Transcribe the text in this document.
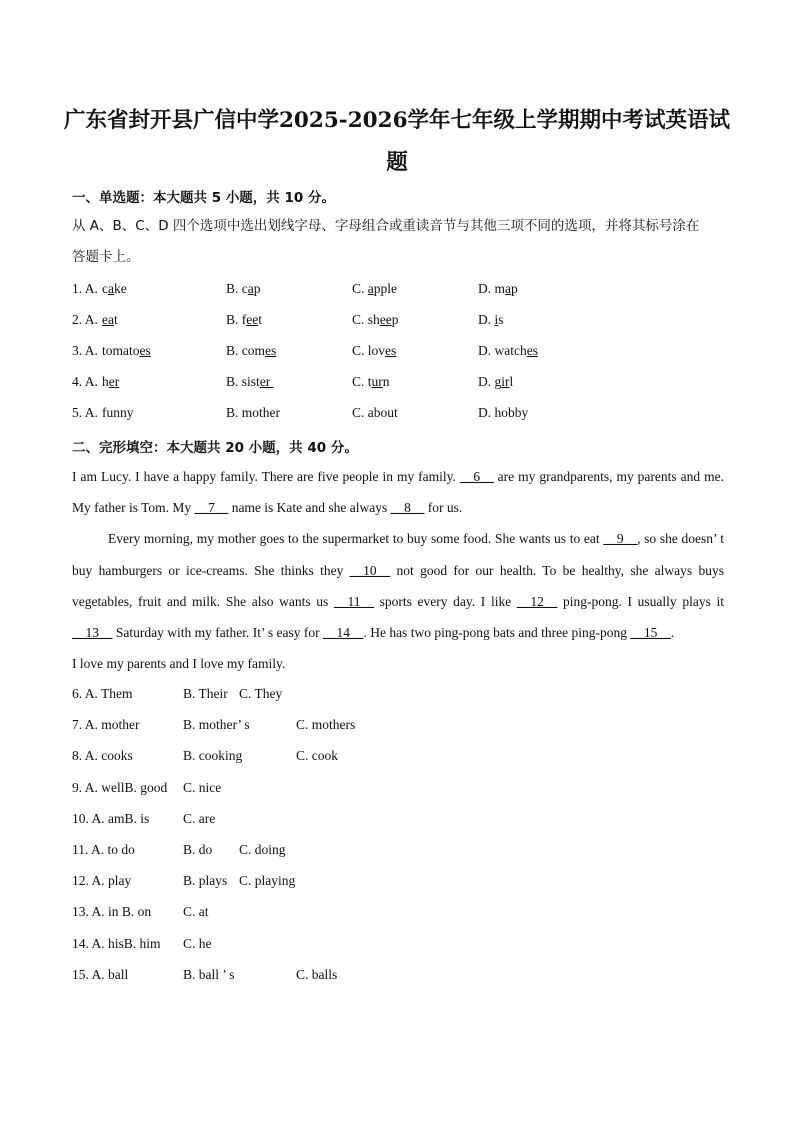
广东省封开县广信中学2025-2026学年七年级上学期期中考试英语试
题
一、单选题：本大题共 5 小题，共 10 分。
从 A、B、C、D 四个选项中选出划线字母、字母组合或重读音节与其他三项不同的选项，并将其标号涂在
答题卡上。
1. A. cake	B. cap	C. apple	D. map
2. A. eat	B. feet	C. sheep	D. is
3. A. tomatoes	B. comes	C. loves	D. watches
4. A. her	B. sister	C. turn	D. girl
5. A. funny	B. mother	C. about	D. hobby
二、完形填空：本大题共 20 小题，共 40 分。

I am Lucy. I have a happy family. There are five people in my family. __6__ are my grandparents, my parents and me. My father is Tom. My __7__ name is Kate and she always __8__ for us.

Every morning, my mother goes to the supermarket to buy some food. She wants us to eat __9__, so she doesn’ t buy hamburgers or ice-creams. She thinks they __10__ not good for our health. To be healthy, she always buys vegetables, fruit and milk. She also wants us __11__ sports every day. I like __12__ ping-pong. I usually plays it __13__ Saturday with my father. It’ s easy for __14__. He has two ping-pong bats and three ping-pong __15__.

I love my parents and I love my family.

6. A. Them	B. Their C. They
7. A. mother	B. mother’ s	C. mothers
8. A. cooks	B. cooking	C. cook
9. A. wellB. good C. nice
10. A. amB. is C. are
11. A. to do	B. do C. doing
12. A. play	B. plays C. playing
13. A. in B. on C. at
14. A. hisB. him C. he
15. A. ball	B. ball ’ s	C. balls
